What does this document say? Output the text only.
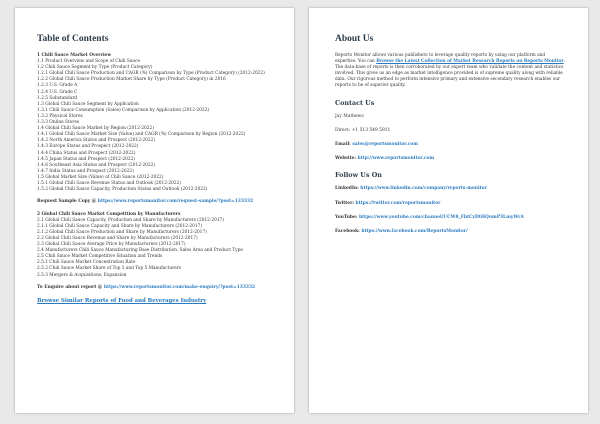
Table of Contents
1 Chili Sauce Market Overview
1.1 Product Overview and Scope of Chili Sauce
1.2 Chili Sauce Segment by Type (Product Category)
1.2.1 Global Chili Sauce Production and CAGR (%) Comparison by Type (Product Category) (2012-2022)
1.2.2 Global Chili Sauce Production Market Share by Type (Product Category) in 2016
1.2.3 U.S. Grade A
1.2.4 U.S. Grade C
1.2.5 Substandard
1.3 Global Chili Sauce Segment by Application
1.3.1 Chili Sauce Consumption (Sales) Comparison by Application (2012-2022)
1.3.2 Physical Stores
1.3.3 Online Stores
1.4 Global Chili Sauce Market by Region (2012-2022)
1.4.1 Global Chili Sauce Market Size (Value) and CAGR (%) Comparison by Region (2012-2022)
1.4.2 North America Status and Prospect (2012-2022)
1.4.3 Europe Status and Prospect (2012-2022)
1.4.4 China Status and Prospect (2012-2022)
1.4.5 Japan Status and Prospect (2012-2022)
1.4.6 Southeast Asia Status and Prospect (2012-2022)
1.4.7 India Status and Prospect (2012-2022)
1.5 Global Market Size (Value) of Chili Sauce (2012-2022)
1.5.1 Global Chili Sauce Revenue Status and Outlook (2012-2022)
1.5.2 Global Chili Sauce Capacity, Production Status and Outlook (2012-2022)
Request Sample Copy @ https://www.reportsmonitor.com/request-sample/?post=133332
2 Global Chili Sauce Market Competition by Manufacturers
2.1 Global Chili Sauce Capacity, Production and Share by Manufacturers (2012-2017)
2.1.1 Global Chili Sauce Capacity and Share by Manufacturers (2012-2017)
2.1.2 Global Chili Sauce Production and Share by Manufacturers (2012-2017)
2.2 Global Chili Sauce Revenue and Share by Manufacturers (2012-2017)
2.3 Global Chili Sauce Average Price by Manufacturers (2012-2017)
2.4 Manufacturers Chili Sauce Manufacturing Base Distribution, Sales Area and Product Type
2.5 Chili Sauce Market Competitive Situation and Trends
2.5.1 Chili Sauce Market Concentration Rate
2.5.2 Chili Sauce Market Share of Top 3 and Top 5 Manufacturers
2.5.3 Mergers & Acquisitions, Expansion
To Enquire about report @ https://www.reportsmonitor.com/make-enquiry/?post=133332
Browse Similar Reports of Food and Beverages Industry
About Us
Reports Monitor allows various publishers to leverage quality reports by using our platform and expertise. You can Browse the Latest Collection of Market Research Reports on Reports Monitor. The data-base of reports is then corroborated by our expert team who validate the content and statistics involved. This gives us an edge as market intelligence provided is of supreme quality along with reliable data. Our rigorous method to perform intensive primary and extensive secondary research enables our reports to be of superior quality.
Contact Us
Jay Mathews
Direct: +1 513 549 5911
Email: sales@reportsmonitor.com
Website: http://www.reportsmonitor.com
Follow Us On
LinkedIn: https://www.linkedin.com/company/reports-monitor
Twitter: https://twitter.com/reportsmonitor
YouTube: https://www.youtube.com/channel/UCW8_FbtCyDtHQumP3LmyWrA
Facebook: https://www.facebook.com/ReportsMonitor/
